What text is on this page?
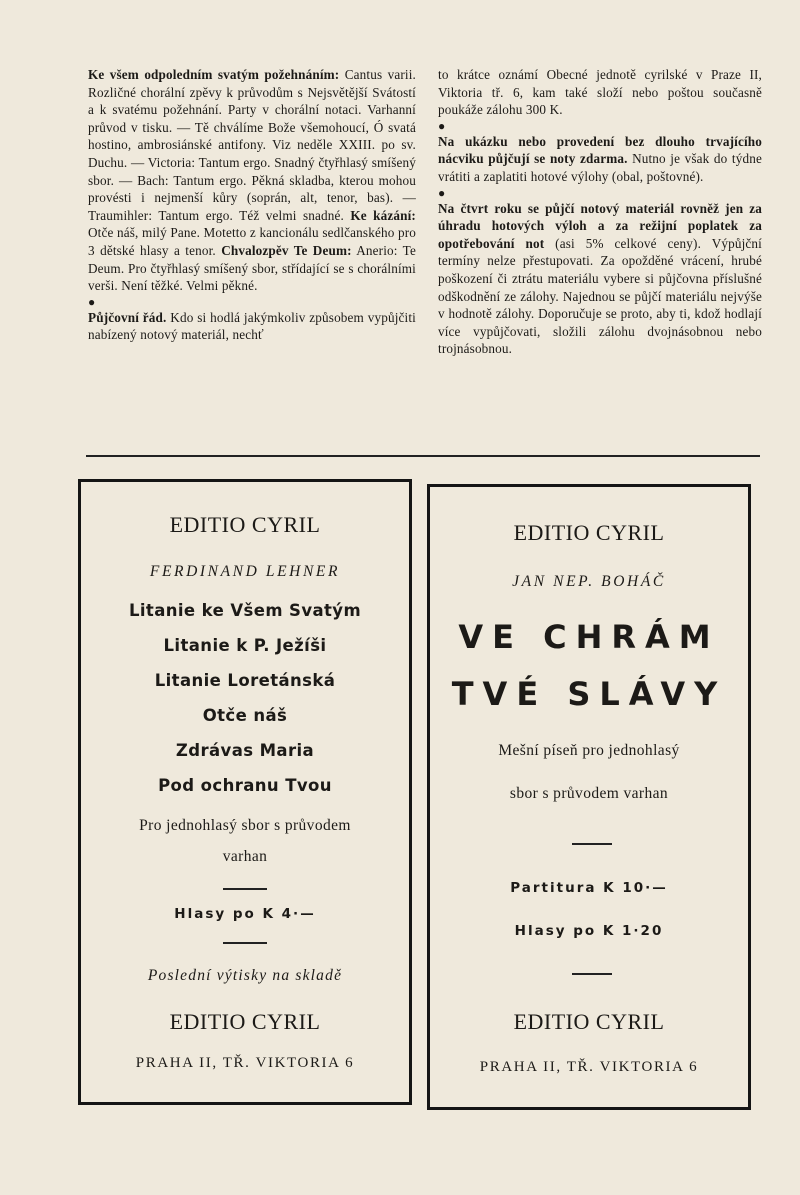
Ke všem odpoledním svatým požehnáním: Cantus varii. Rozličné chorální zpěvy k průvodům s Nejsvětější Svátostí a k svatému požehnání. Party v chorální notaci. Varhanní průvod v tisku. — Tě chválíme Bože všemohoucí, Ó svatá hostino, ambrosiánské antifony. Viz neděle XXIII. po sv. Duchu. — Victoria: Tantum ergo. Snadný čtyřhlasý smíšený sbor. — Bach: Tantum ergo. Pěkná skladba, kterou mohou provésti i nejmenší kůry (soprán, alt, tenor, bas). — Traumihler: Tantum ergo. Též velmi snadné. Ke kázání: Otče náš, milý Pane. Motetto z kancionálu sedlčanského pro 3 dětské hlasy a tenor. Chvalozpěv Te Deum: Anerio: Te Deum. Pro čtyřhlasý smíšený sbor, střídající se s chorálními verši. Není těžké. Velmi pěkné.

●

Půjčovní řád. Kdo si hodlá jakýmkoliv způsobem vypůjčiti nabízený notový materiál, nechť

to krátce oznámí Obecné jednotě cyrilské v Praze II, Viktoria tř. 6, kam také složí nebo poštou současně poukáže zálohu 300 K.

●

Na ukázku nebo provedení bez dlouho trvajícího nácviku půjčují se noty zdarma. Nutno je však do týdne vrátiti a zaplatiti hotové výlohy (obal, poštovné).

●

Na čtvrt roku se půjčí notový materiál rovněž jen za úhradu hotových výloh a za režijní poplatek za opotřebování not (asi 5% celkové ceny). Výpůjční termíny nelze přestupovati. Za opožděné vrácení, hrubé poškození či ztrátu materiálu vybere si půjčovna příslušné odškodnění ze zálohy. Najednou se půjčí materiálu nejvýše v hodnotě zálohy. Doporučuje se proto, aby ti, kdož hodlají více vypůjčovati, složili zálohu dvojnásobnou nebo trojnásobnou.

EDITIO CYRIL
FERDINAND LEHNER
Litanie ke Všem Svatým
Litanie k P. Ježíši
Litanie Loretánská
Otče náš
Zdrávas Maria
Pod ochranu Tvou
Pro jednohlasý sbor s průvodem
varhan
Hlasy po K 4·—
Poslední výtisky na skladě
EDITIO CYRIL
PRAHA II, TŘ. VIKTORIA 6
EDITIO CYRIL
JAN NEP. BOHÁČ
VE CHRÁM
TVÉ SLÁVY
Mešní píseň pro jednohlasý
sbor s průvodem varhan
Partitura K 10·—
Hlasy po K 1·20
EDITIO CYRIL
PRAHA II, TŘ. VIKTORIA 6
